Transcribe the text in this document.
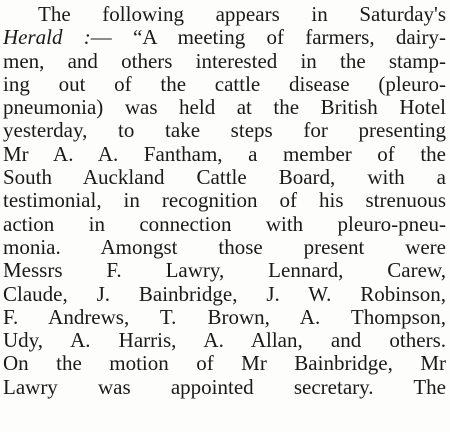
The following appears in Saturday's
Herald :— “A meeting of farmers, dairy-
men, and others interested in the stamp-
ing out of the cattle disease (pleuro-
pneumonia) was held at the British Hotel
yesterday, to take steps for presenting
Mr A. A. Fantham, a member of the
South Auckland Cattle Board, with a
testimonial, in recognition of his strenuous
action in connection with pleuro-pneu-
monia. Amongst those present were
Messrs F. Lawry, Lennard, Carew,
Claude, J. Bainbridge, J. W. Robinson,
F. Andrews, T. Brown, A. Thompson,
Udy, A. Harris, A. Allan, and others.
On the motion of Mr Bainbridge, Mr
Lawry was appointed secretary. The
